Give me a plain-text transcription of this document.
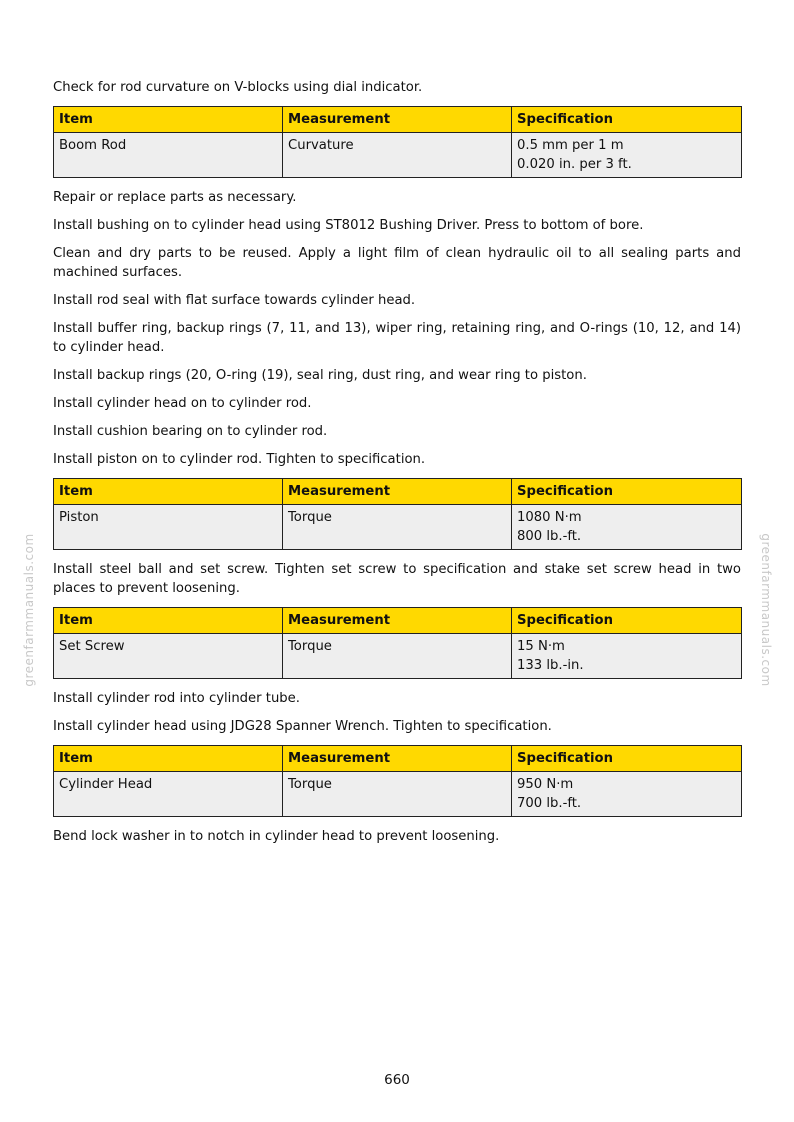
greenfarmmanuals.com	greenfarmmanuals.com

Check for rod curvature on V-blocks using dial indicator.

Item	Measurement	Specification
Boom Rod	Curvature	0.5 mm per 1 m
0.020 in. per 3 ft.

Repair or replace parts as necessary.

Install bushing on to cylinder head using ST8012 Bushing Driver. Press to bottom of bore.

Clean and dry parts to be reused. Apply a light film of clean hydraulic oil to all sealing parts and machined surfaces.

Install rod seal with flat surface towards cylinder head.

Install buffer ring, backup rings (7, 11, and 13), wiper ring, retaining ring, and O-rings (10, 12, and 14) to cylinder head.

Install backup rings (20, O-ring (19), seal ring, dust ring, and wear ring to piston.

Install cylinder head on to cylinder rod.

Install cushion bearing on to cylinder rod.

Install piston on to cylinder rod. Tighten to specification.

Item	Measurement	Specification
Piston	Torque	1080 N·m
800 lb.-ft.

Install steel ball and set screw. Tighten set screw to specification and stake set screw head in two places to prevent loosening.

Item	Measurement	Specification
Set Screw	Torque	15 N·m
133 lb.-in.

Install cylinder rod into cylinder tube.

Install cylinder head using JDG28 Spanner Wrench. Tighten to specification.

Item	Measurement	Specification
Cylinder Head	Torque	950 N·m
700 lb.-ft.

Bend lock washer in to notch in cylinder head to prevent loosening.

660
